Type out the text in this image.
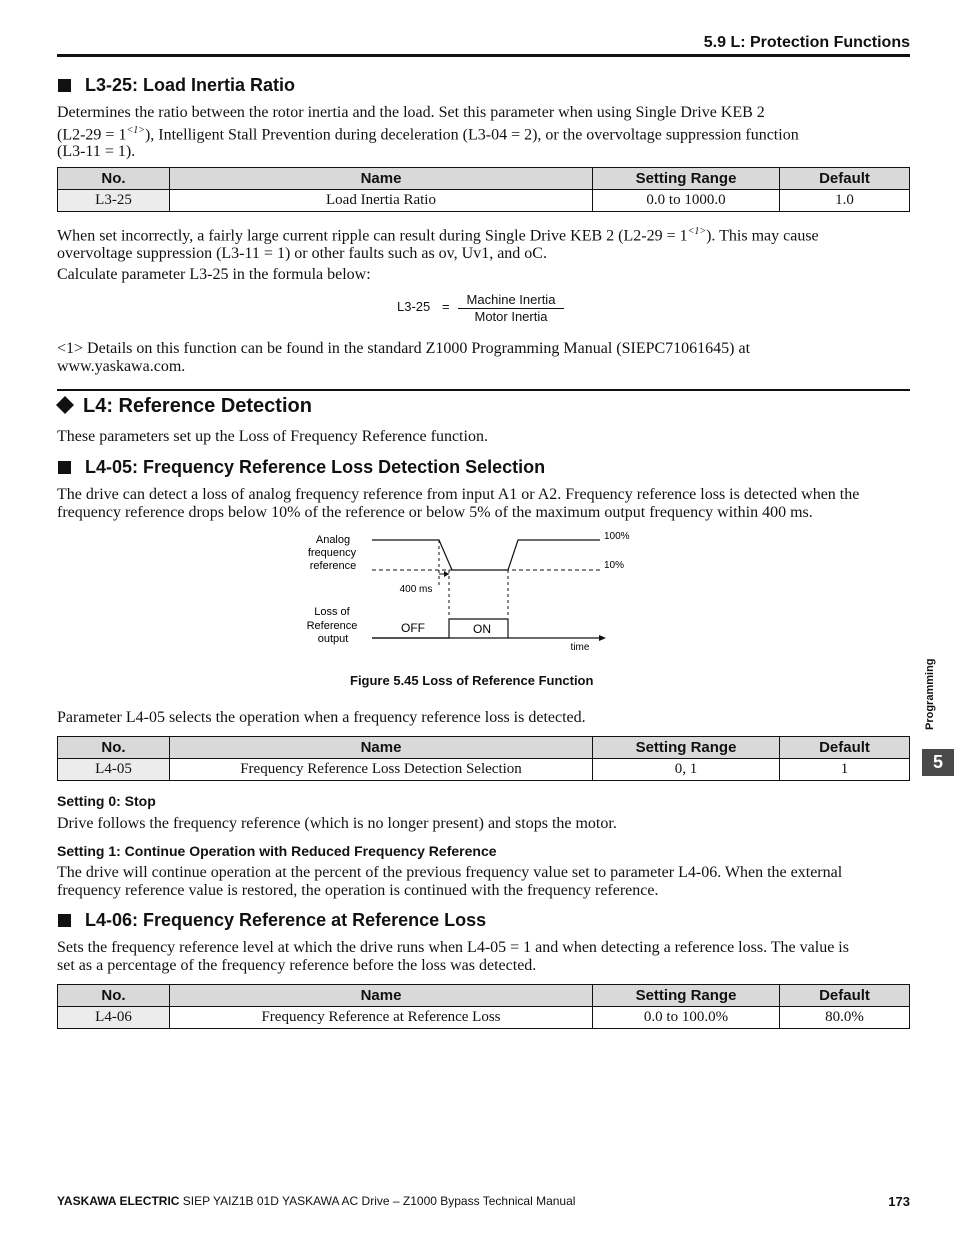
5.9 L: Protection Functions
L3-25: Load Inertia Ratio
Determines the ratio between the rotor inertia and the load. Set this parameter when using Single Drive KEB 2
$(L2-29 = 1^{<1>})$, Intelligent Stall Prevention during deceleration (L3-04 = 2), or the overvoltage suppression function
(L3-11 = 1).
No.	Name	Setting Range	Default
L3-25	Load Inertia Ratio	0.0 to 1000.0	1.0
When set incorrectly, a fairly large current ripple can result during Single Drive KEB 2 $(L2-29 = 1^{<1>})$. This may cause
overvoltage suppression (L3-11 = 1) or other faults such as ov, Uv1, and oC.
Calculate parameter L3-25 in the formula below:
L3-25 =	Machine Inertia
Motor Inertia
<1> Details on this function can be found in the standard Z1000 Programming Manual (SIEPC71061645) at
www.yaskawa.com.
L4: Reference Detection
These parameters set up the Loss of Frequency Reference function.
L4-05: Frequency Reference Loss Detection Selection
The drive can detect a loss of analog frequency reference from input A1 or A2. Frequency reference loss is detected when the
frequency reference drops below 10% of the reference or below 5% of the maximum output frequency within 400 ms.
Analog
frequency
reference
100%
10%
400 ms
Loss of
Reference
output
OFF	ON
time
Figure 5.45 Loss of Reference Function
Parameter L4-05 selects the operation when a frequency reference loss is detected.
No.	Name	Setting Range	Default
L4-05	Frequency Reference Loss Detection Selection	0, 1	1
Setting 0: Stop
Drive follows the frequency reference (which is no longer present) and stops the motor.
Setting 1: Continue Operation with Reduced Frequency Reference
The drive will continue operation at the percent of the previous frequency value set to parameter L4-06. When the external
frequency reference value is restored, the operation is continued with the frequency reference.
L4-06: Frequency Reference at Reference Loss
Sets the frequency reference level at which the drive runs when L4-05 = 1 and when detecting a reference loss. The value is
set as a percentage of the frequency reference before the loss was detected.
No.	Name	Setting Range	Default
L4-06	Frequency Reference at Reference Loss	0.0 to 100.0%	80.0%
Programming
5
YASKAWA ELECTRIC SIEP YAIZ1B 01D YASKAWA AC Drive – Z1000 Bypass Technical Manual	173
